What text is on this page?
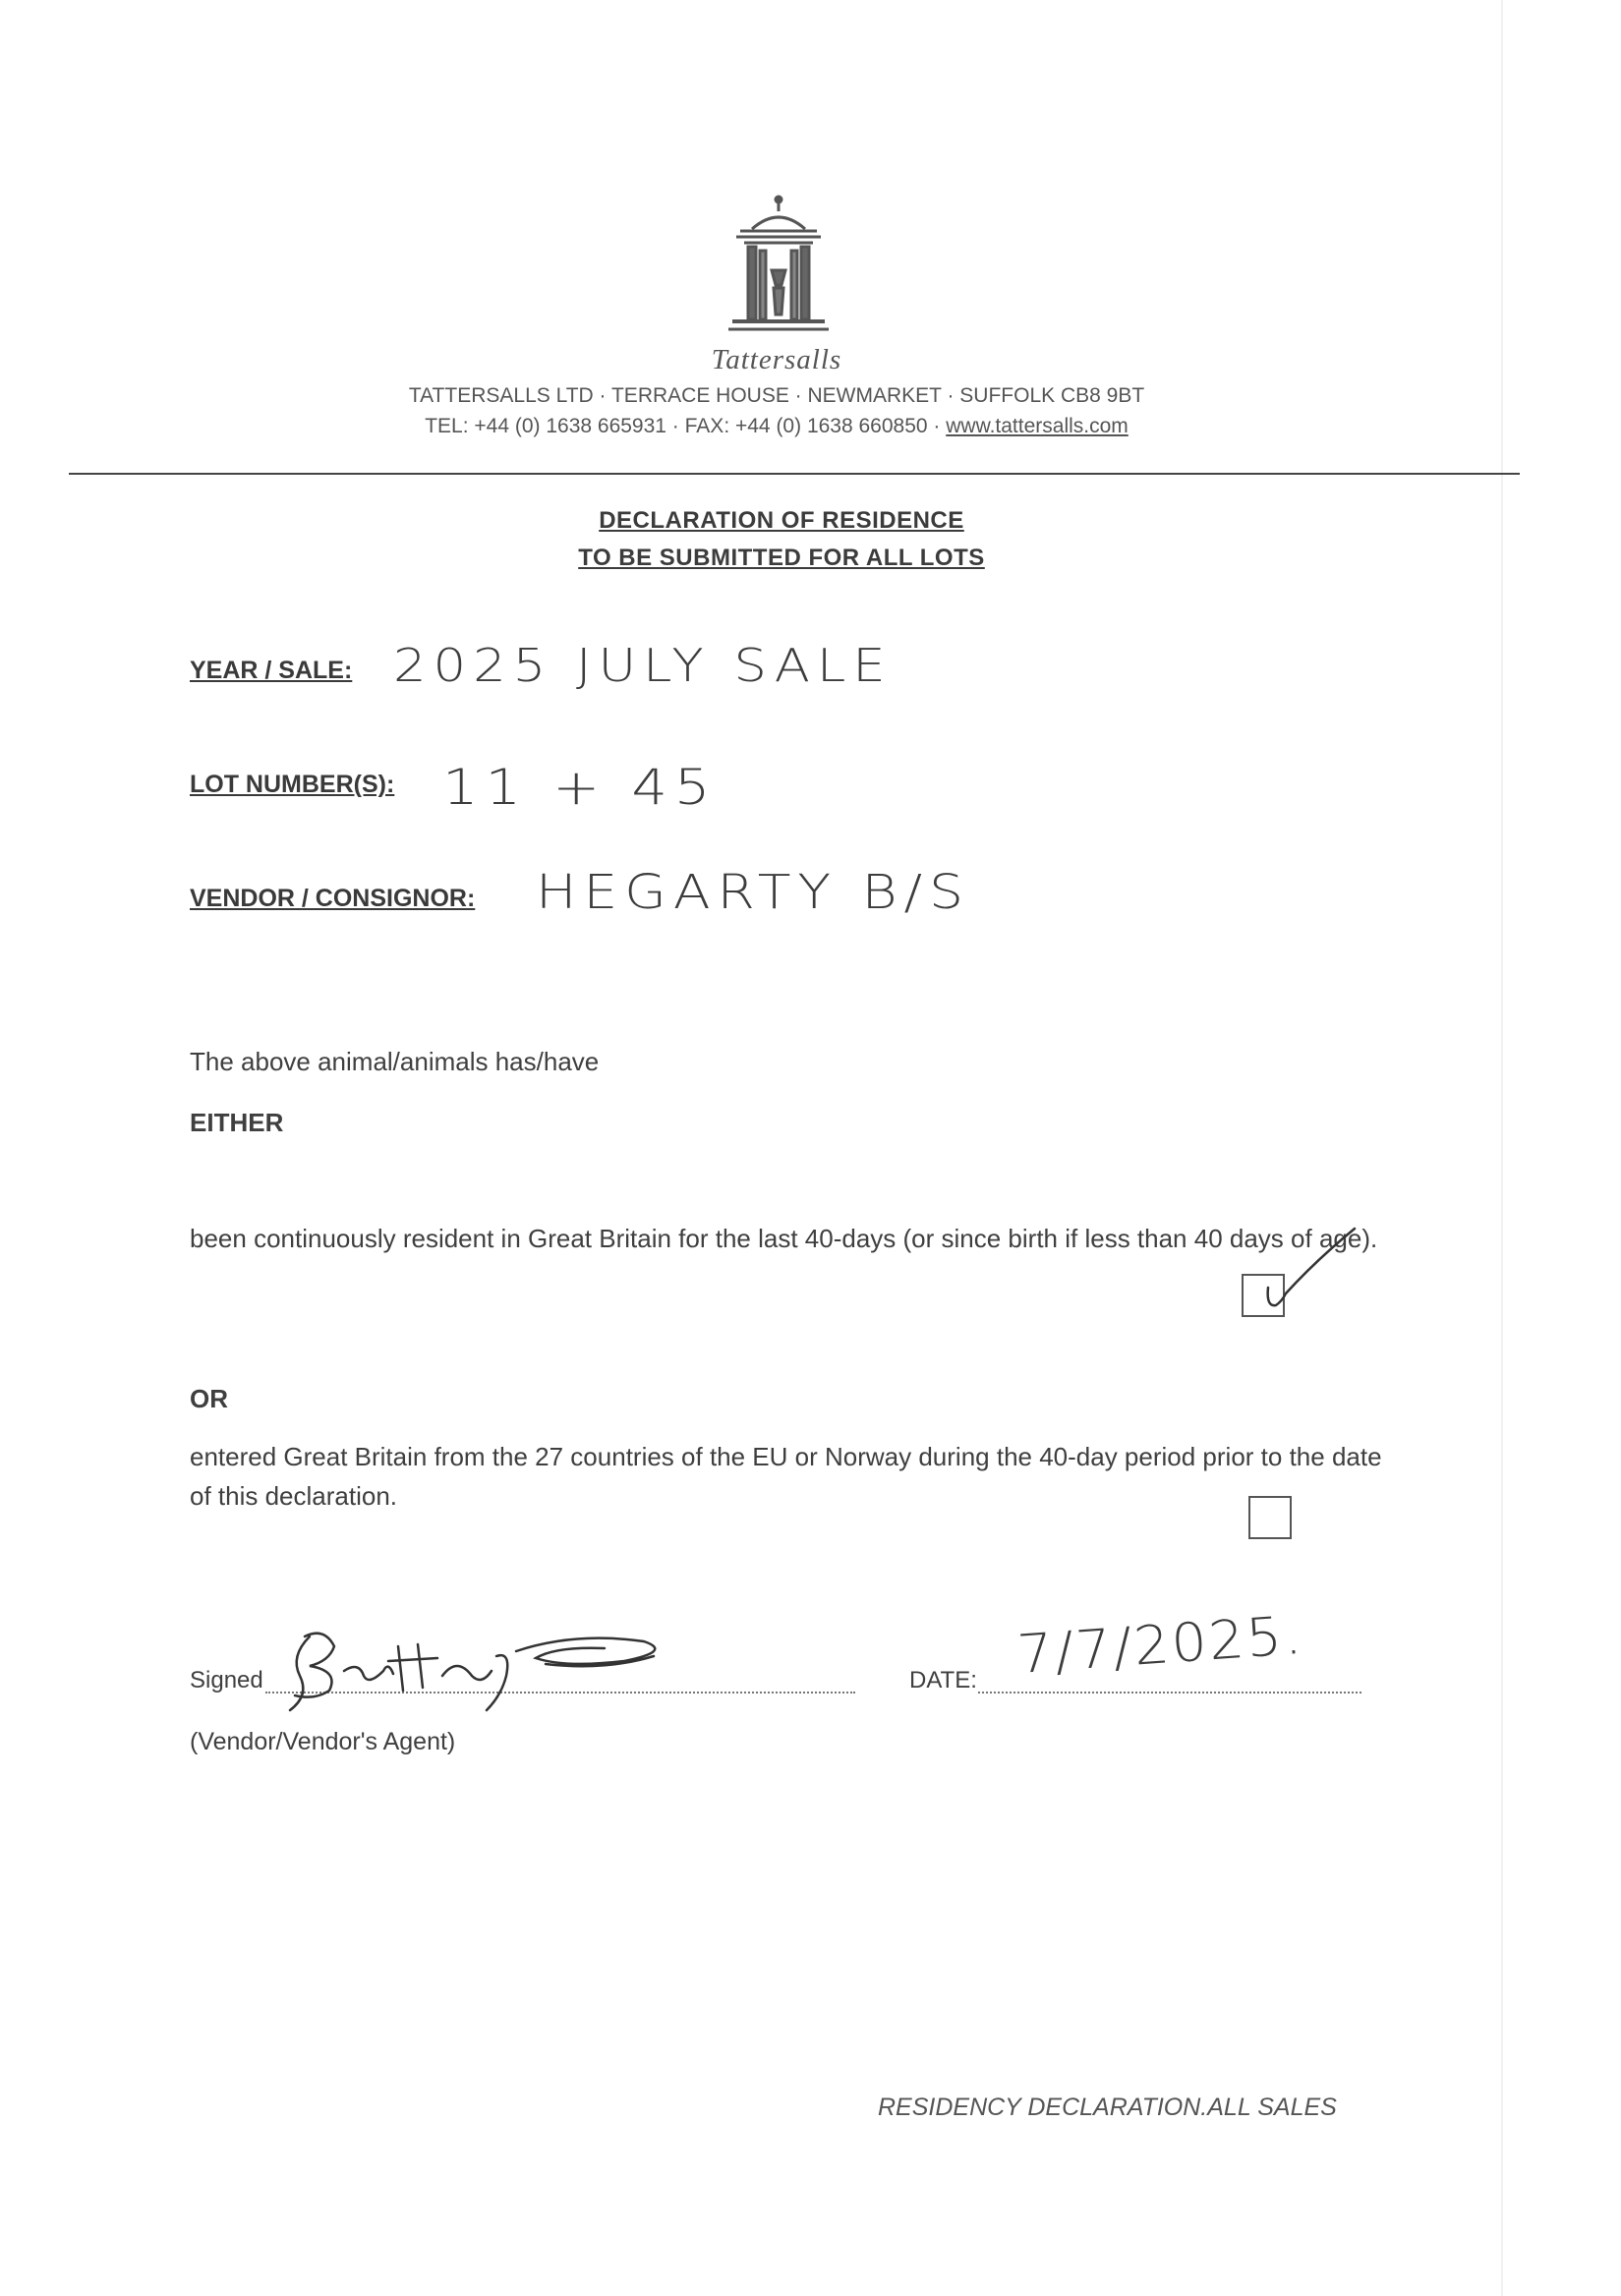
Tattersalls
TATTERSALLS LTD · TERRACE HOUSE · NEWMARKET · SUFFOLK CB8 9BT
TEL: +44 (0) 1638 665931 · FAX: +44 (0) 1638 660850 · www.tattersalls.com
DECLARATION OF RESIDENCE
TO BE SUBMITTED FOR ALL LOTS
YEAR / SALE: 2025 JULY SALE
LOT NUMBER(S): 11 + 45
VENDOR / CONSIGNOR: HEGARTY B/S
The above animal/animals has/have
EITHER
been continuously resident in Great Britain for the last 40-days (or since birth if less than 40 days of age).
OR
entered Great Britain from the 27 countries of the EU or Norway during the 40-day period prior to the date of this declaration.
Signed
(Vendor/Vendor's Agent)
DATE: 7/7/2025.
RESIDENCY DECLARATION.ALL SALES
